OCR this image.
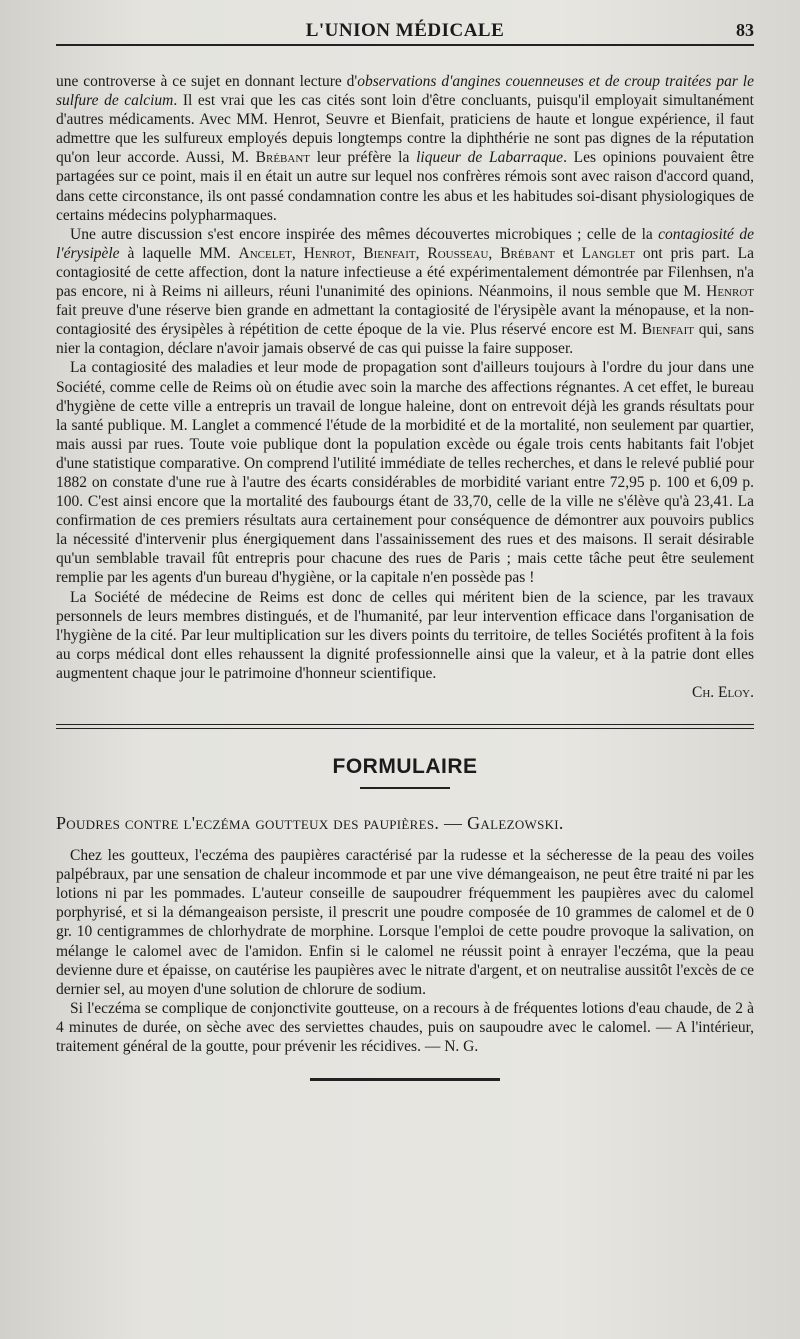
L'UNION MÉDICALE	83

une controverse à ce sujet en donnant lecture d'observations d'angines couenneuses et de croup traitées par le sulfure de calcium. Il est vrai que les cas cités sont loin d'être concluants, puisqu'il employait simultanément d'autres médicaments. Avec MM. Henrot, Seuvre et Bienfait, praticiens de haute et longue expérience, il faut admettre que les sulfureux employés depuis longtemps contre la diphthérie ne sont pas dignes de la réputation qu'on leur accorde. Aussi, M. Brébant leur préfère la liqueur de Labarraque. Les opinions pouvaient être partagées sur ce point, mais il en était un autre sur lequel nos confrères rémois sont avec raison d'accord quand, dans cette circonstance, ils ont passé condamnation contre les abus et les habitudes soi-disant physiologiques de certains médecins polypharmaques.

Une autre discussion s'est encore inspirée des mêmes découvertes microbiques ; celle de la contagiosité de l'érysipèle à laquelle MM. Ancelet, Henrot, Bienfait, Rousseau, Brébant et Langlet ont pris part. La contagiosité de cette affection, dont la nature infectieuse a été expérimentalement démontrée par Filenhsen, n'a pas encore, ni à Reims ni ailleurs, réuni l'unanimité des opinions. Néanmoins, il nous semble que M. Henrot fait preuve d'une réserve bien grande en admettant la contagiosité de l'érysipèle avant la ménopause, et la non-contagiosité des érysipèles à répétition de cette époque de la vie. Plus réservé encore est M. Bienfait qui, sans nier la contagion, déclare n'avoir jamais observé de cas qui puisse la faire supposer.

La contagiosité des maladies et leur mode de propagation sont d'ailleurs toujours à l'ordre du jour dans une Société, comme celle de Reims où on étudie avec soin la marche des affections régnantes. A cet effet, le bureau d'hygiène de cette ville a entrepris un travail de longue haleine, dont on entrevoit déjà les grands résultats pour la santé publique. M. Langlet a commencé l'étude de la morbidité et de la mortalité, non seulement par quartier, mais aussi par rues. Toute voie publique dont la population excède ou égale trois cents habitants fait l'objet d'une statistique comparative. On comprend l'utilité immédiate de telles recherches, et dans le relevé publié pour 1882 on constate d'une rue à l'autre des écarts considérables de morbidité variant entre 72,95 p. 100 et 6,09 p. 100. C'est ainsi encore que la mortalité des faubourgs étant de 33,70, celle de la ville ne s'élève qu'à 23,41. La confirmation de ces premiers résultats aura certainement pour conséquence de démontrer aux pouvoirs publics la nécessité d'intervenir plus énergiquement dans l'assainissement des rues et des maisons. Il serait désirable qu'un semblable travail fût entrepris pour chacune des rues de Paris ; mais cette tâche peut être seulement remplie par les agents d'un bureau d'hygiène, or la capitale n'en possède pas !

La Société de médecine de Reims est donc de celles qui méritent bien de la science, par les travaux personnels de leurs membres distingués, et de l'humanité, par leur intervention efficace dans l'organisation de l'hygiène de la cité. Par leur multiplication sur les divers points du territoire, de telles Sociétés profitent à la fois au corps médical dont elles rehaussent la dignité professionnelle ainsi que la valeur, et à la patrie dont elles augmentent chaque jour le patrimoine d'honneur scientifique.
Ch. Eloy.

FORMULAIRE
Poudres contre l'eczéma goutteux des paupières. — Galezowski.

Chez les goutteux, l'eczéma des paupières caractérisé par la rudesse et la sécheresse de la peau des voiles palpébraux, par une sensation de chaleur incommode et par une vive démangeaison, ne peut être traité ni par les lotions ni par les pommades. L'auteur conseille de saupoudrer fréquemment les paupières avec du calomel porphyrisé, et si la démangeaison persiste, il prescrit une poudre composée de 10 grammes de calomel et de 0 gr. 10 centigrammes de chlorhydrate de morphine. Lorsque l'emploi de cette poudre provoque la salivation, on mélange le calomel avec de l'amidon. Enfin si le calomel ne réussit point à enrayer l'eczéma, que la peau devienne dure et épaisse, on cautérise les paupières avec le nitrate d'argent, et on neutralise aussitôt l'excès de ce dernier sel, au moyen d'une solution de chlorure de sodium.

Si l'eczéma se complique de conjonctivite goutteuse, on a recours à de fréquentes lotions d'eau chaude, de 2 à 4 minutes de durée, on sèche avec des serviettes chaudes, puis on saupoudre avec le calomel. — A l'intérieur, traitement général de la goutte, pour prévenir les récidives. — N. G.
